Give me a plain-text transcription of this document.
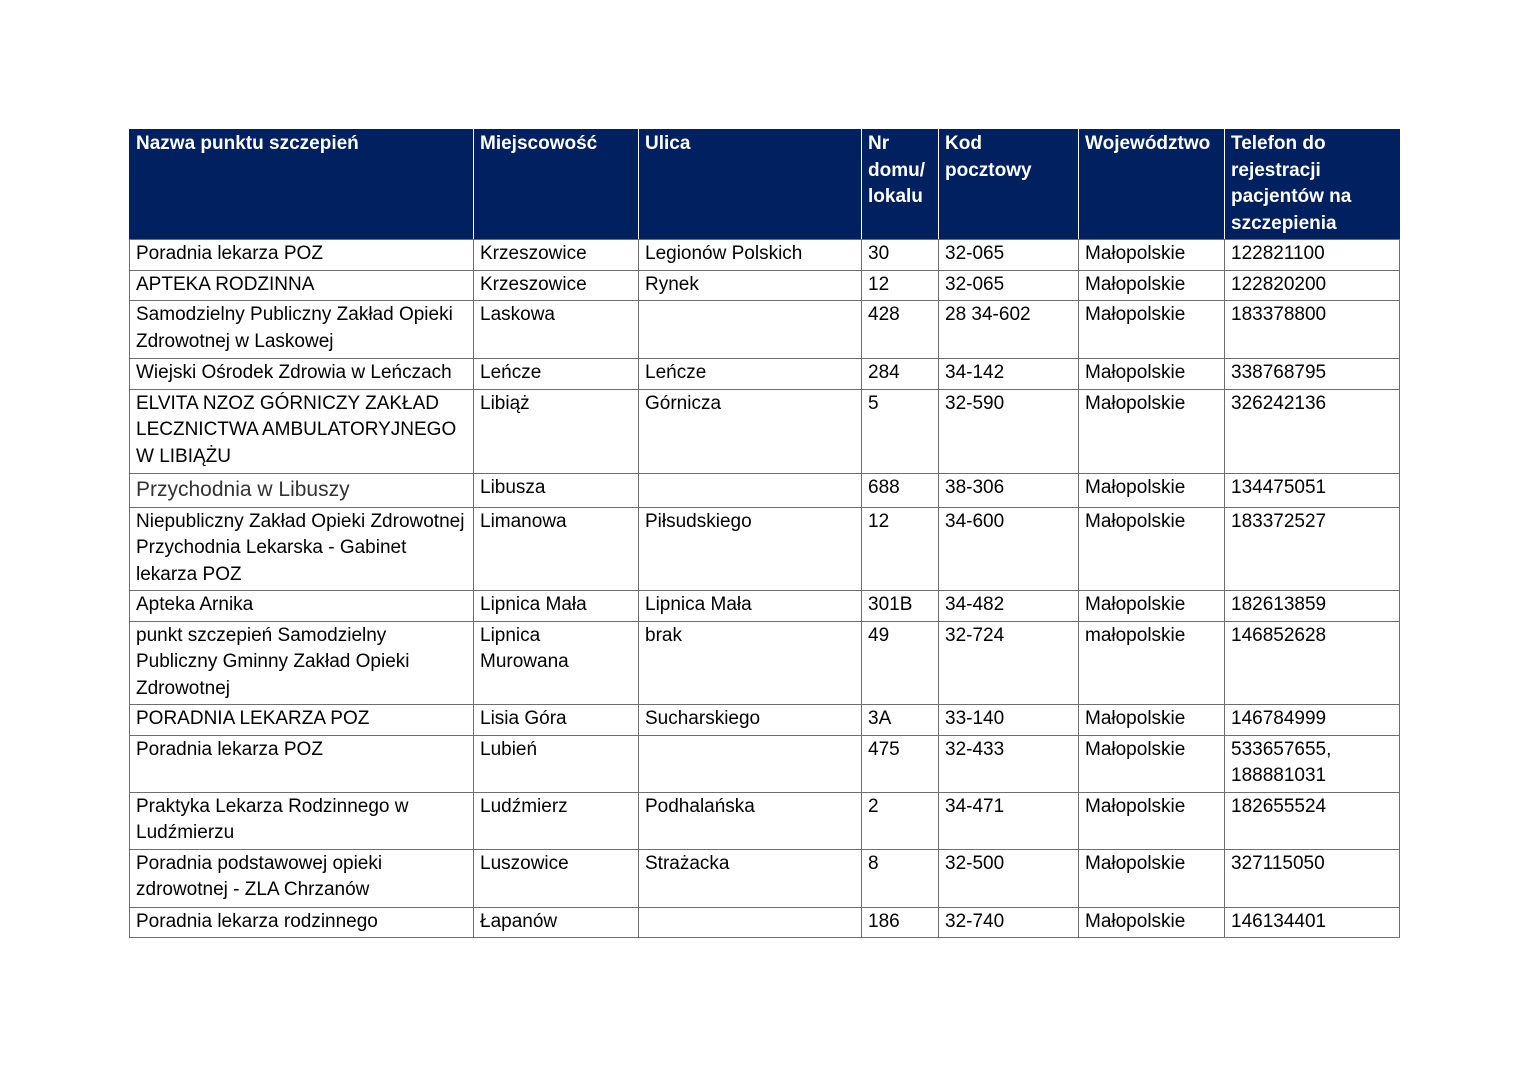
Nazwa punktu szczepień	Miejscowość	Ulica	Nr domu/ lokalu	Kod pocztowy	Województwo	Telefon do rejestracji pacjentów na szczepienia
Poradnia lekarza POZ	Krzeszowice	Legionów Polskich	30	32-065	Małopolskie	122821100
APTEKA RODZINNA	Krzeszowice	Rynek	12	32-065	Małopolskie	122820200
Samodzielny Publiczny Zakład Opieki Zdrowotnej w Laskowej	Laskowa		428	28 34-602	Małopolskie	183378800
Wiejski Ośrodek Zdrowia w Leńczach	Leńcze	Leńcze	284	34-142	Małopolskie	338768795
ELVITA NZOZ GÓRNICZY ZAKŁAD LECZNICTWA AMBULATORYJNEGO W LIBIĄŻU	Libiąż	Górnicza	5	32-590	Małopolskie	326242136
Przychodnia w Libuszy	Libusza		688	38-306	Małopolskie	134475051
Niepubliczny Zakład Opieki Zdrowotnej Przychodnia Lekarska - Gabinet lekarza POZ	Limanowa	Piłsudskiego	12	34-600	Małopolskie	183372527
Apteka Arnika	Lipnica Mała	Lipnica Mała	301B	34-482	Małopolskie	182613859
punkt szczepień Samodzielny Publiczny Gminny Zakład Opieki Zdrowotnej	Lipnica Murowana	brak	49	32-724	małopolskie	146852628
PORADNIA LEKARZA POZ	Lisia Góra	Sucharskiego	3A	33-140	Małopolskie	146784999
Poradnia lekarza POZ	Lubień		475	32-433	Małopolskie	533657655, 188881031
Praktyka Lekarza Rodzinnego w Ludźmierzu	Ludźmierz	Podhalańska	2	34-471	Małopolskie	182655524
Poradnia podstawowej opieki zdrowotnej - ZLA Chrzanów	Luszowice	Strażacka	8	32-500	Małopolskie	327115050
Poradnia lekarza rodzinnego	Łapanów		186	32-740	Małopolskie	146134401
